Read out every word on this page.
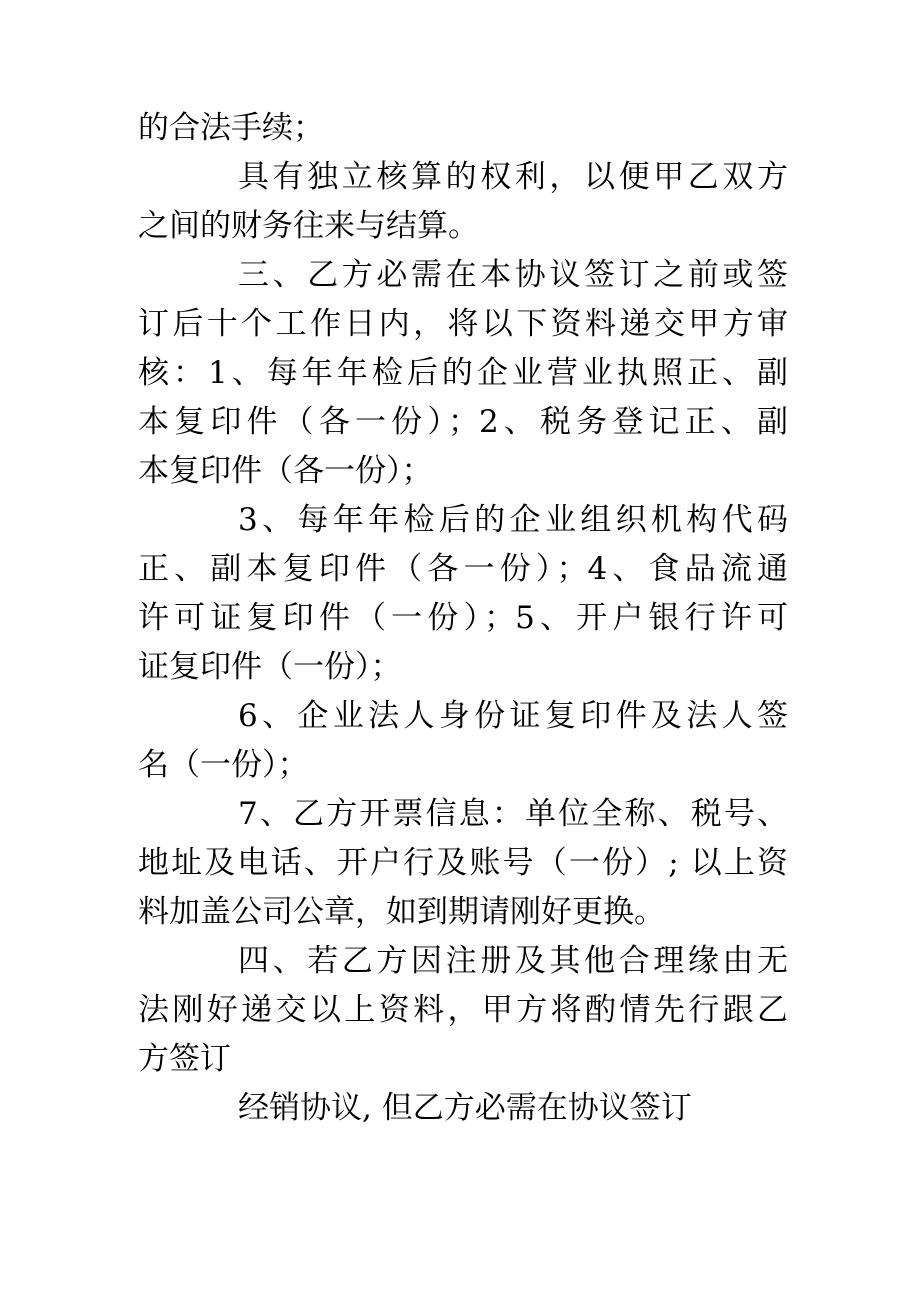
的合法手续；
具有独立核算的权利，以便甲乙双方
之间的财务往来与结算。
三、乙方必需在本协议签订之前或签
订后十个工作日内，将以下资料递交甲方审
核：1、每年年检后的企业营业执照正、副
本复印件（各一份）；2、税务登记正、副
本复印件（各一份）；
3、每年年检后的企业组织机构代码
正、副本复印件（各一份）；4、食品流通
许可证复印件（一份）；5、开户银行许可
证复印件（一份）；
6、企业法人身份证复印件及法人签
名（一份）；
7、乙方开票信息：单位全称、税号、
地址及电话、开户行及账号（一份）; 以上资
料加盖公司公章，如到期请刚好更换。
四、若乙方因注册及其他合理缘由无
法刚好递交以上资料，甲方将酌情先行跟乙
方签订
经销协议, 但乙方必需在协议签订
